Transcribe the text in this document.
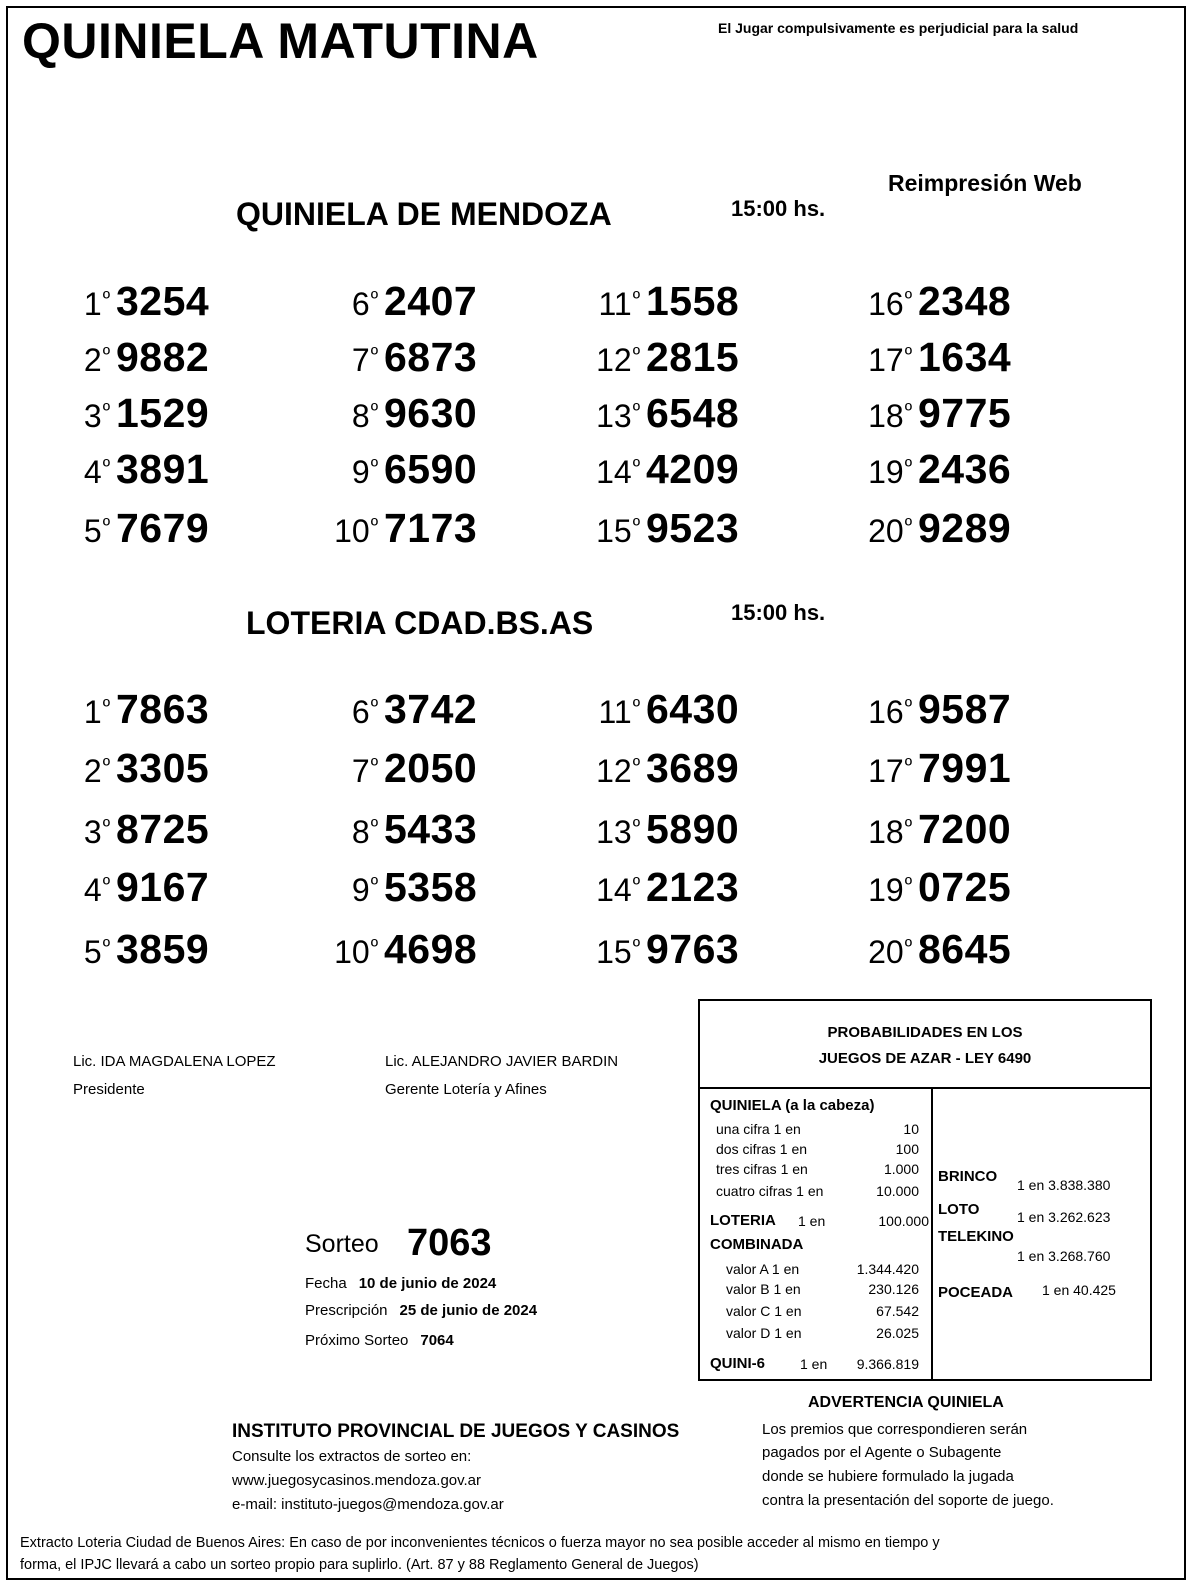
QUINIELA MATUTINA	El Jugar compulsivamente es perjudicial para la salud
Reimpresión Web
QUINIELA DE MENDOZA	15:00 hs.
$1^º$ 3254
$2^º$ 9882
$3^º$ 1529
$4^º$ 3891
$5^º$ 7679
$6^º$ 2407
$7^º$ 6873
$8^º$ 9630
$9^º$ 6590
$10^º$ 7173
$11^º$ 1558
$12^º$ 2815
$13^º$ 6548
$14^º$ 4209
$15^º$ 9523
$16^º$ 2348
$17^º$ 1634
$18^º$ 9775
$19^º$ 2436
$20^º$ 9289
LOTERIA CDAD.BS.AS	15:00 hs.
$1^º$ 7863
$2^º$ 3305
$3^º$ 8725
$4^º$ 9167
$5^º$ 3859
$6^º$ 3742
$7^º$ 2050
$8^º$ 5433
$9^º$ 5358
$10^º$ 4698
$11^º$ 6430
$12^º$ 3689
$13^º$ 5890
$14^º$ 2123
$15^º$ 9763
$16^º$ 9587
$17^º$ 7991
$18^º$ 7200
$19^º$ 0725
$20^º$ 8645
Lic. IDA MAGDALENA LOPEZ
Presidente
Lic. ALEJANDRO JAVIER BARDIN
Gerente Lotería y Afines
Sorteo 7063
Fecha 10 de junio de 2024
Prescripción 25 de junio de 2024
Próximo Sorteo 7064
PROBABILIDADES EN LOS
JUEGOS DE AZAR - LEY 6490
QUINIELA (a la cabeza)
una cifra 1 en	10
dos cifras 1 en	100
tres cifras 1 en	1.000
cuatro cifras 1 en	10.000
LOTERIA 1 en	100.000
COMBINADA
valor A 1 en	1.344.420
valor B 1 en	230.126
valor C 1 en	67.542
valor D 1 en	26.025
QUINI-6 1 en 9.366.819
BRINCO 1 en 3.838.380
LOTO	1 en 3.262.623
TELEKINO
1 en 3.268.760
POCEADA 1 en 40.425
ADVERTENCIA QUINIELA
Los premios que correspondieren serán
pagados por el Agente o Subagente
donde se hubiere formulado la jugada
contra la presentación del soporte de juego.
INSTITUTO PROVINCIAL DE JUEGOS Y CASINOS
Consulte los extractos de sorteo en:
www.juegosycasinos.mendoza.gov.ar
e-mail: instituto-juegos@mendoza.gov.ar
Extracto Loteria Ciudad de Buenos Aires: En caso de por inconvenientes técnicos o fuerza mayor no sea posible acceder al mismo en tiempo y
forma, el IPJC llevará a cabo un sorteo propio para suplirlo. (Art. 87 y 88 Reglamento General de Juegos)
